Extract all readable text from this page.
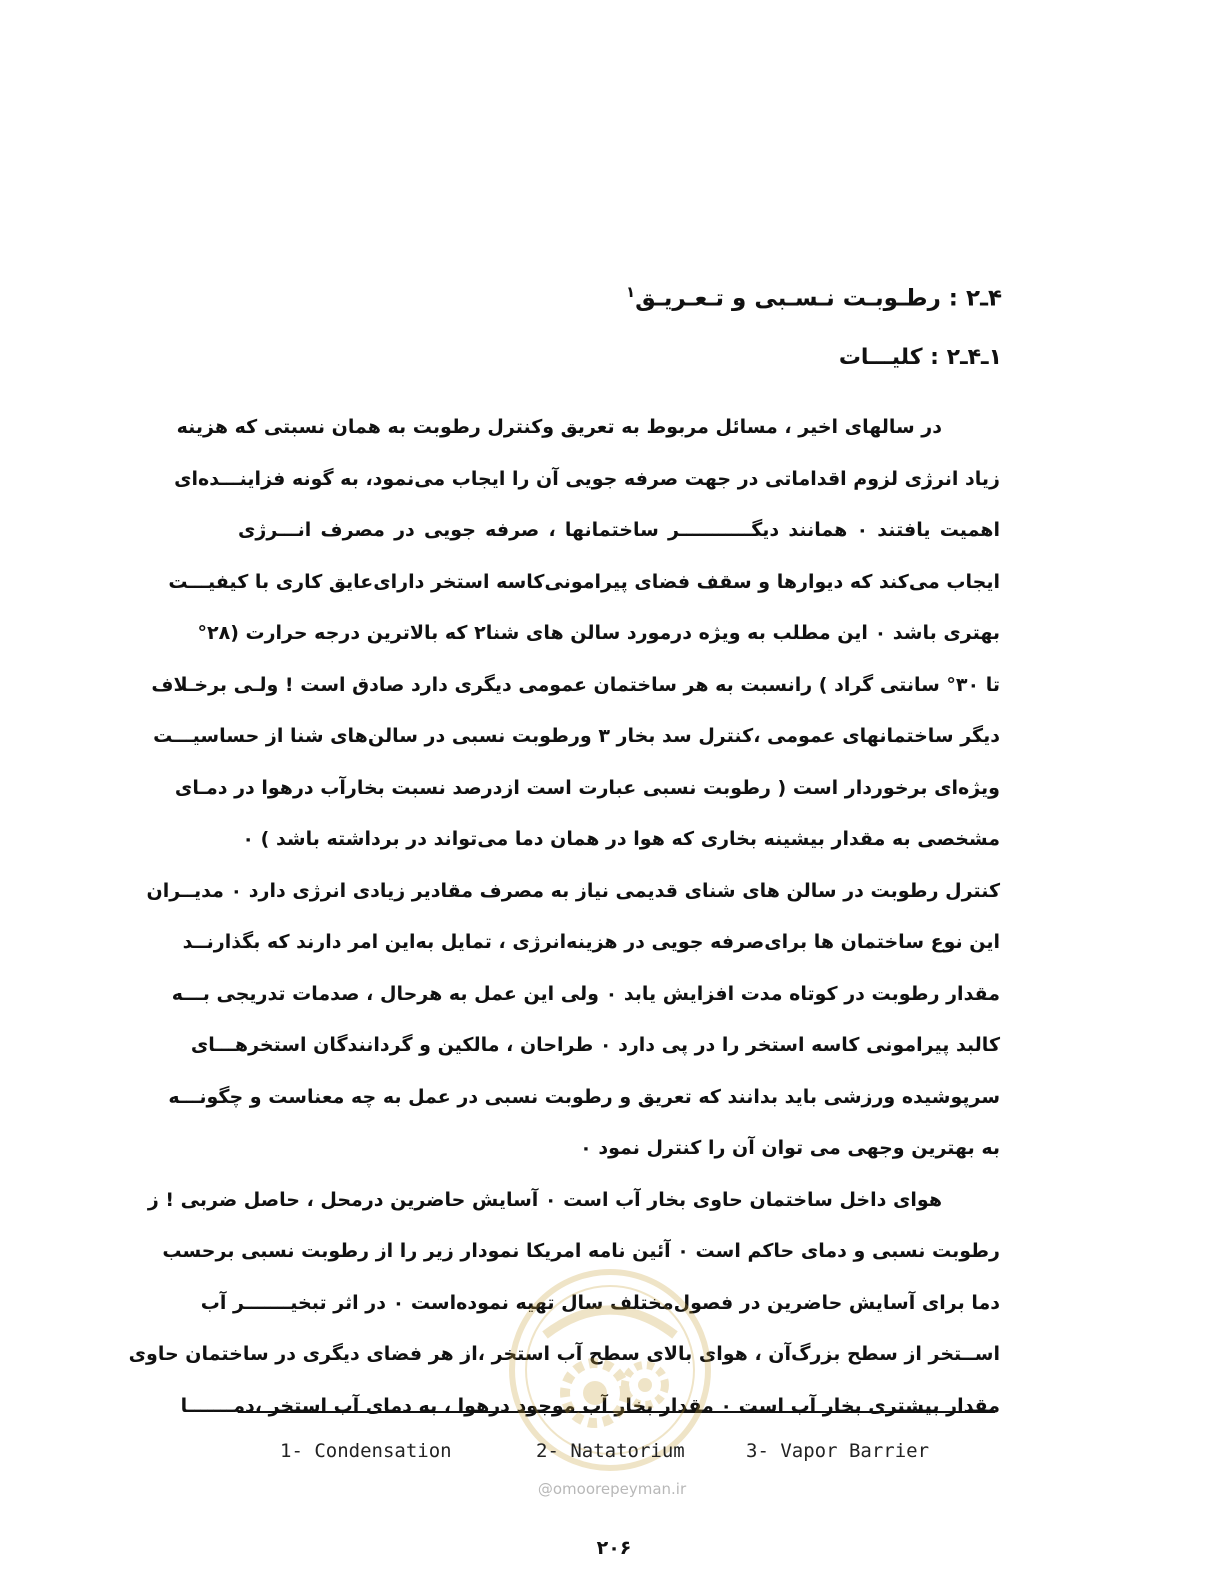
۴ـ۲ : رطـوبـت نـسـبی و تـعـریـق$^۱$
۱ـ۴ـ۲ : کلیـــات
در سالهای اخیر ، مسائل مربوط به تعریق وکنترل رطوبت به همان نسبتی که هزینه
زیاد انرژی لزوم اقداماتی در جهت صرفه جویی آن را ایجاب می‌نمود، به گونه فزاینـــده‌ای
اهمیت یافتند ۰ همانند دیگـــــــــــر ساختمانها ، صرفه جویی در مصرف انـــرژی
ایجاب می‌کند که دیوارها و سقف فضای پیرامونی‌کاسه استخر دارای‌عایق کاری با کیفیـــت
بهتری باشد ۰ این مطلب به ویژه درمورد سالن های شنا۲ که بالاترین درجه حرارت (۲۸°
تا ۳۰° سانتی گراد ) رانسبت به هر ساختمان عمومی دیگری دارد صادق است ! ولـی برخـلاف
دیگر ساختمانهای عمومی ،کنترل سد بخار ۳ ورطوبت نسبی در سالن‌های شنا از حساسیـــت
ویژه‌ای برخوردار است ( رطوبت نسبی عبارت است ازدرصد نسبت بخارآب درهوا در دمـای
مشخصی به مقدار بیشینه بخاری که هوا در همان دما می‌تواند در برداشته باشد ) ۰
کنترل رطوبت در سالن های شنای قدیمی نیاز به مصرف مقادیر زیادی انرژی دارد ۰ مدیــران
این نوع ساختمان ها برای‌صرفه جویی در هزینه‌انرژی ، تمایل به‌این امر دارند که بگذارنــد
مقدار رطوبت در کوتاه مدت افزایش یابد ۰ ولی این عمل به هرحال ، صدمات تدریجی بـــه
کالبد پیرامونی کاسه استخر را در پی دارد ۰ طراحان ، مالکین و گردانندگان استخرهـــای
سرپوشیده ورزشی باید بدانند که تعریق و رطوبت نسبی در عمل به چه معناست و چگونـــه
به بهترین وجهی می توان آن را کنترل نمود ۰
هوای داخل ساختمان حاوی بخار آب است ۰ آسایش حاضرین درمحل ، حاصل ضربی ! ز
رطوبت نسبی و دمای حاکم است ۰ آئین نامه امریکا نمودار زیر را از رطوبت نسبی برحسب
دما برای آسایش حاضرین در فصول‌مختلف سال تهیه نموده‌است ۰ در اثر تبخیـــــــر آب
اســتخر از سطح بزرگ‌آن ، هوای بالای سطح آب استخر ،از هر فضای دیگری در ساختمان حاوی
مقدار بیشتری بخار آب است ۰ مقدار بخار آب موجود درهوا ، به دمای آب استخر ،دمـــــــا
1- Condensation	2- Natatorium	3- Vapor Barrier
@omoorepeyman.ir
۲۰۶
